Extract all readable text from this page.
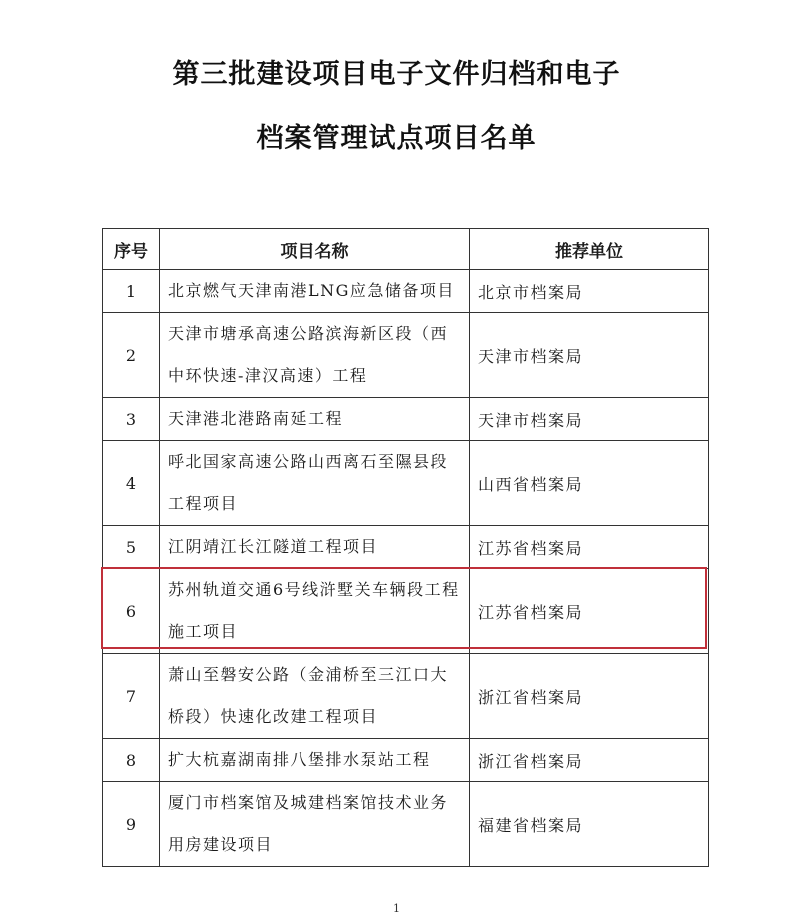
第三批建设项目电子文件归档和电子
档案管理试点项目名单
序号	项目名称	推荐单位
1	北京燃气天津南港LNG应急储备项目	北京市档案局
2	天津市塘承高速公路滨海新区段（西中环快速-津汉高速）工程	天津市档案局
3	天津港北港路南延工程	天津市档案局
4	呼北国家高速公路山西离石至隰县段工程项目	山西省档案局
5	江阴靖江长江隧道工程项目	江苏省档案局
6	苏州轨道交通6号线浒墅关车辆段工程施工项目	江苏省档案局
7	萧山至磐安公路（金浦桥至三江口大桥段）快速化改建工程项目	浙江省档案局
8	扩大杭嘉湖南排八堡排水泵站工程	浙江省档案局
9	厦门市档案馆及城建档案馆技术业务用房建设项目	福建省档案局
1
